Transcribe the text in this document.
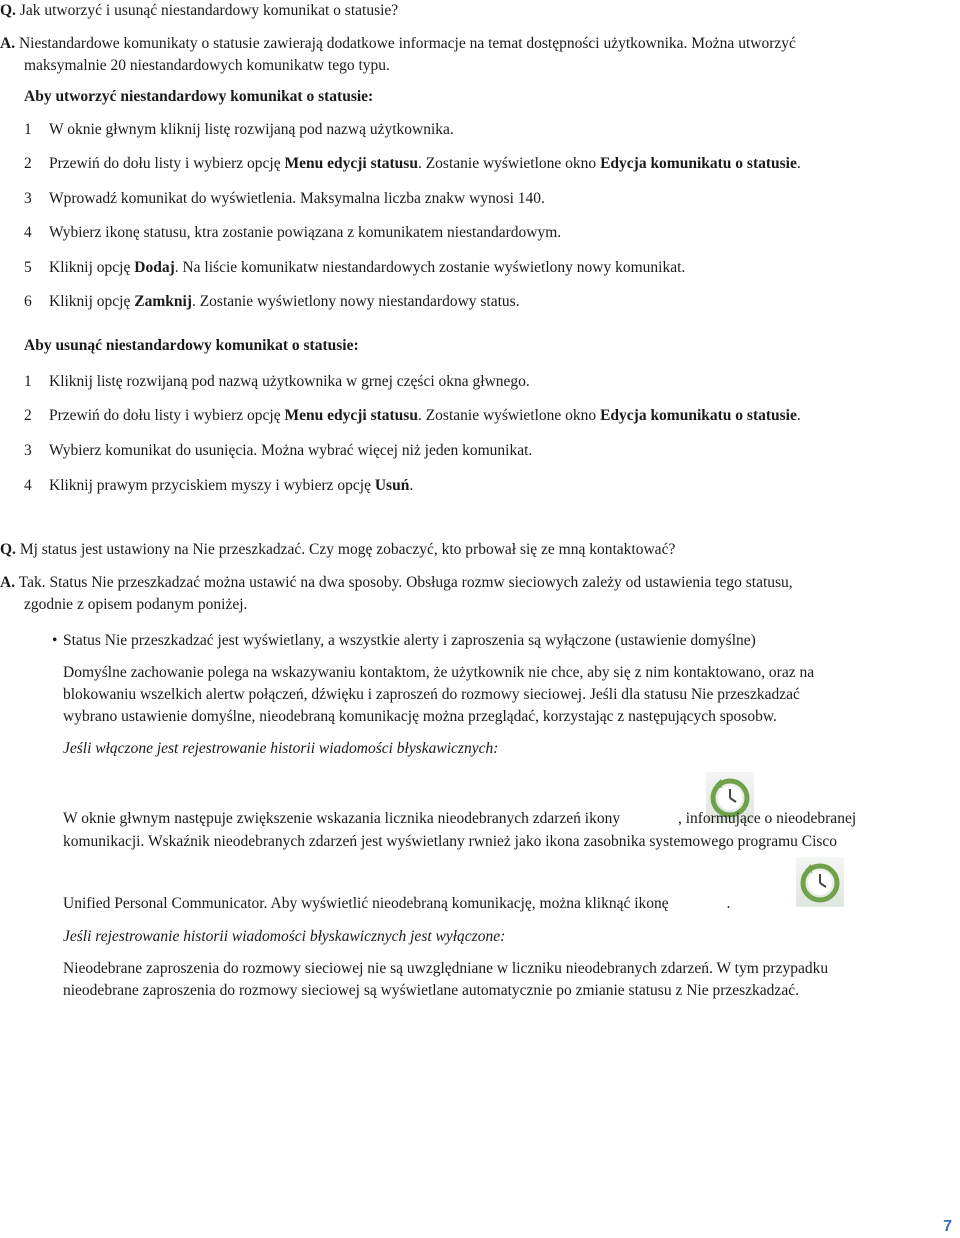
Q. Jak utworzyć i usunąć niestandardowy komunikat o statusie?
A. Niestandardowe komunikaty o statusie zawierają dodatkowe informacje na temat dostępności użytkownika. Można utworzyć
maksymalnie 20 niestandardowych komunikatw tego typu.
Aby utworzyć niestandardowy komunikat o statusie:
1 W oknie głwnym kliknij listę rozwijaną pod nazwą użytkownika.
2 Przewiń do dołu listy i wybierz opcję Menu edycji statusu. Zostanie wyświetlone okno Edycja komunikatu o statusie.
3 Wprowadź komunikat do wyświetlenia. Maksymalna liczba znakw wynosi 140.
4 Wybierz ikonę statusu, ktra zostanie powiązana z komunikatem niestandardowym.
5 Kliknij opcję Dodaj. Na liście komunikatw niestandardowych zostanie wyświetlony nowy komunikat.
6 Kliknij opcję Zamknij. Zostanie wyświetlony nowy niestandardowy status.
Aby usunąć niestandardowy komunikat o statusie:
1 Kliknij listę rozwijaną pod nazwą użytkownika w grnej części okna głwnego.
2 Przewiń do dołu listy i wybierz opcję Menu edycji statusu. Zostanie wyświetlone okno Edycja komunikatu o statusie.
3 Wybierz komunikat do usunięcia. Można wybrać więcej niż jeden komunikat.
4 Kliknij prawym przyciskiem myszy i wybierz opcję Usuń.
Q. Mj status jest ustawiony na Nie przeszkadzać. Czy mogę zobaczyć, kto prbował się ze mną kontaktować?
A. Tak. Status Nie przeszkadzać można ustawić na dwa sposoby. Obsługa rozmw sieciowych zależy od ustawienia tego statusu,
zgodnie z opisem podanym poniżej.
• Status Nie przeszkadzać jest wyświetlany, a wszystkie alerty i zaproszenia są wyłączone (ustawienie domyślne)
Domyślne zachowanie polega na wskazywaniu kontaktom, że użytkownik nie chce, aby się z nim kontaktowano, oraz na
blokowaniu wszelkich alertw połączeń, dźwięku i zaproszeń do rozmowy sieciowej. Jeśli dla statusu Nie przeszkadzać
wybrano ustawienie domyślne, nieodebraną komunikację można przeglądać, korzystając z następujących sposobw.
Jeśli włączone jest rejestrowanie historii wiadomości błyskawicznych:
W oknie głwnym następuje zwiększenie wskazania licznika nieodebranych zdarzeń ikony	, informujące o nieodebranej
komunikacji. Wskaźnik nieodebranych zdarzeń jest wyświetlany rwnież jako ikona zasobnika systemowego programu Cisco
Unified Personal Communicator. Aby wyświetlić nieodebraną komunikację, można kliknąć ikonę	.
Jeśli rejestrowanie historii wiadomości błyskawicznych jest wyłączone:
Nieodebrane zaproszenia do rozmowy sieciowej nie są uwzględniane w liczniku nieodebranych zdarzeń. W tym przypadku
nieodebrane zaproszenia do rozmowy sieciowej są wyświetlane automatycznie po zmianie statusu z Nie przeszkadzać.
7
